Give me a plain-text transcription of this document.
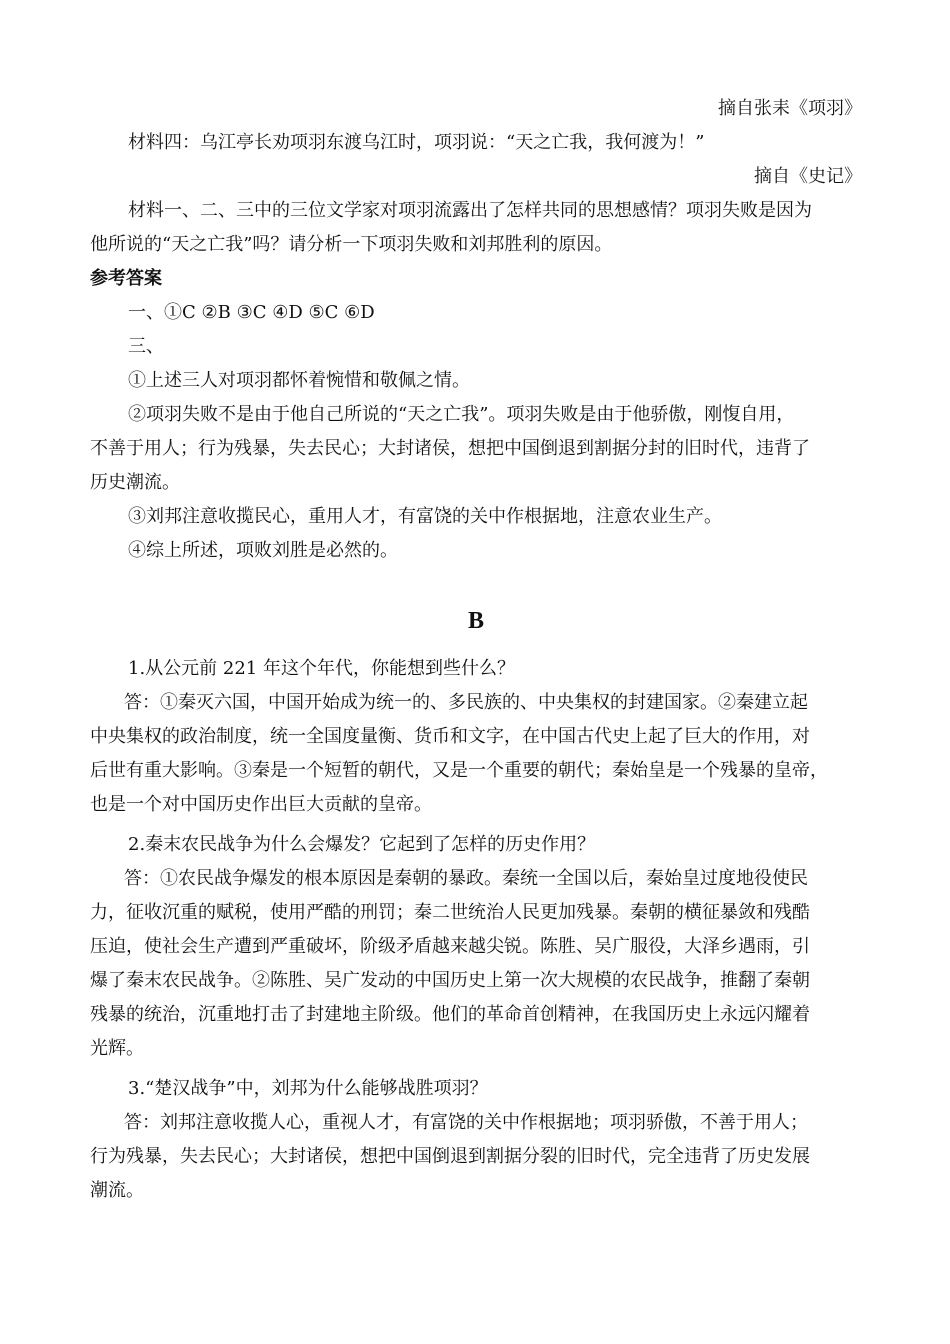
摘自张耒《项羽》
材料四：乌江亭长劝项羽东渡乌江时，项羽说：“天之亡我，我何渡为！”
摘自《史记》
材料一、二、三中的三位文学家对项羽流露出了怎样共同的思想感情？项羽失败是因为
他所说的“天之亡我”吗？请分析一下项羽失败和刘邦胜利的原因。
参考答案
一、①C ②B ③C ④D ⑤C ⑥D
三、
①上述三人对项羽都怀着惋惜和敬佩之情。
②项羽失败不是由于他自己所说的“天之亡我”。项羽失败是由于他骄傲，刚愎自用，
不善于用人；行为残暴，失去民心；大封诸侯，想把中国倒退到割据分封的旧时代，违背了
历史潮流。
③刘邦注意收揽民心，重用人才，有富饶的关中作根据地，注意农业生产。
④综上所述，项败刘胜是必然的。
B
1.从公元前 221 年这个年代，你能想到些什么？
答：①秦灭六国，中国开始成为统一的、多民族的、中央集权的封建国家。②秦建立起
中央集权的政治制度，统一全国度量衡、货币和文字，在中国古代史上起了巨大的作用，对
后世有重大影响。③秦是一个短暂的朝代，又是一个重要的朝代；秦始皇是一个残暴的皇帝，
也是一个对中国历史作出巨大贡献的皇帝。
2.秦末农民战争为什么会爆发？它起到了怎样的历史作用？
答：①农民战争爆发的根本原因是秦朝的暴政。秦统一全国以后，秦始皇过度地役使民
力，征收沉重的赋税，使用严酷的刑罚；秦二世统治人民更加残暴。秦朝的横征暴敛和残酷
压迫，使社会生产遭到严重破坏，阶级矛盾越来越尖锐。陈胜、吴广服役，大泽乡遇雨，引
爆了秦末农民战争。②陈胜、吴广发动的中国历史上第一次大规模的农民战争，推翻了秦朝
残暴的统治，沉重地打击了封建地主阶级。他们的革命首创精神，在我国历史上永远闪耀着
光辉。
3.“楚汉战争”中，刘邦为什么能够战胜项羽？
答：刘邦注意收揽人心，重视人才，有富饶的关中作根据地；项羽骄傲，不善于用人；
行为残暴，失去民心；大封诸侯，想把中国倒退到割据分裂的旧时代，完全违背了历史发展
潮流。
